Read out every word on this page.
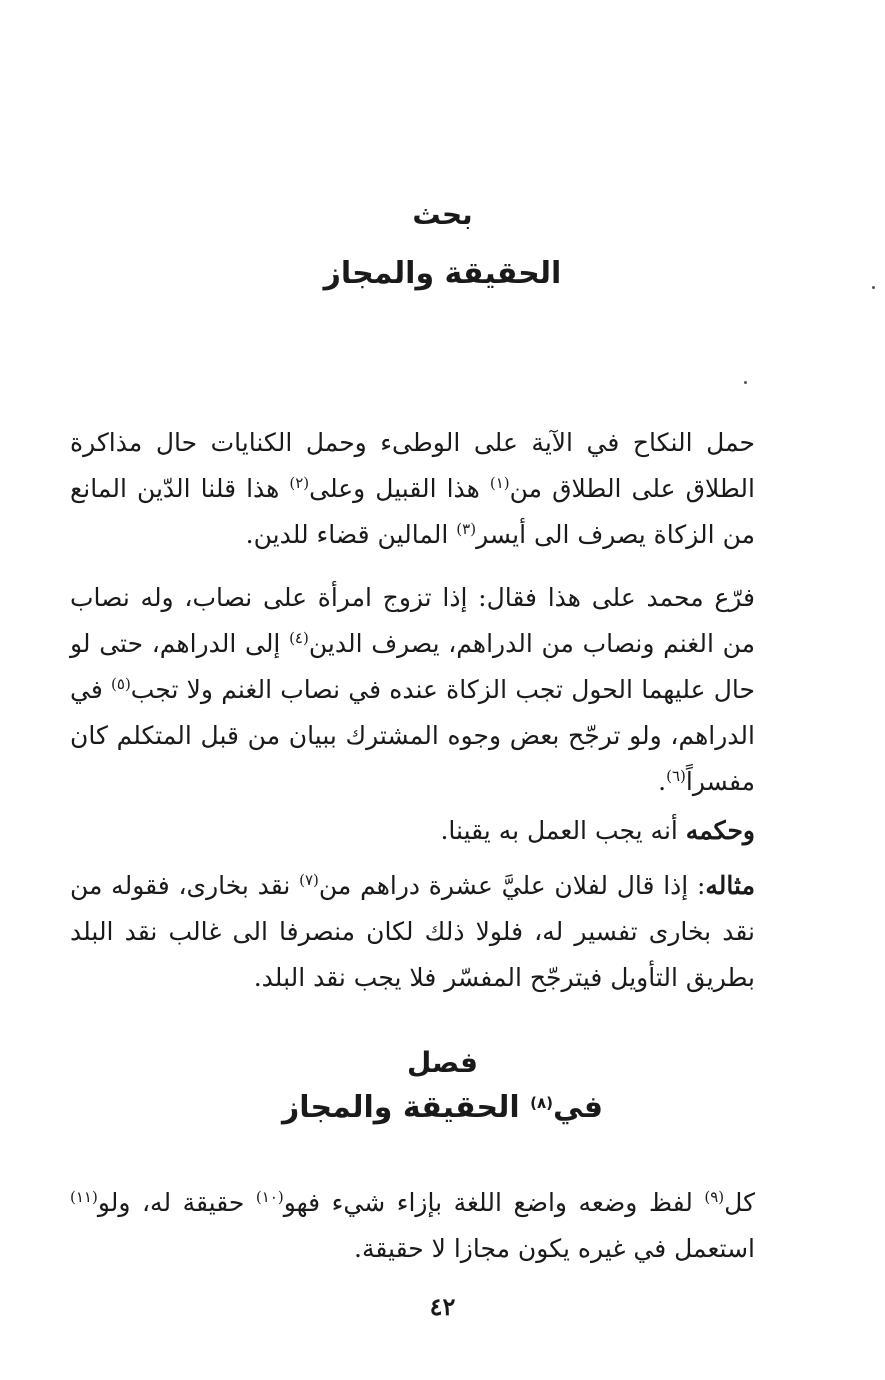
بحث
الحقيقة والمجاز

حمل النكاح في الآية على الوطىء وحمل الكنايات حال مذاكرة الطلاق على الطلاق من$^{(١)}$ هذا القبيل وعلى$^{(٢)}$ هذا قلنا الدّين المانع من الزكاة يصرف الى أيسر$^{(٣)}$ المالين قضاء للدين.

فرّع محمد على هذا فقال: إذا تزوج امرأة على نصاب، وله نصاب من الغنم ونصاب من الدراهم، يصرف الدين$^{(٤)}$ إلى الدراهم، حتى لو حال عليهما الحول تجب الزكاة عنده في نصاب الغنم ولا تجب$^{(٥)}$ في الدراهم، ولو ترجّح بعض وجوه المشترك ببيان من قبل المتكلم كان مفسراً$^{(٦)}$.

وحكمه أنه يجب العمل به يقينا.

مثاله: إذا قال لفلان عليَّ عشرة دراهم من$^{(٧)}$ نقد بخارى، فقوله من نقد بخارى تفسير له، فلولا ذلك لكان منصرفا الى غالب نقد البلد بطريق التأويل فيترجّح المفسّر فلا يجب نقد البلد.

فصل
في$^{(٨)}$ الحقيقة والمجاز

كل$^{(٩)}$ لفظ وضعه واضع اللغة بإزاء شيء فهو$^{(١٠)}$ حقيقة له، ولو$^{(١١)}$ استعمل في غيره يكون مجازا لا حقيقة.

٤٢
